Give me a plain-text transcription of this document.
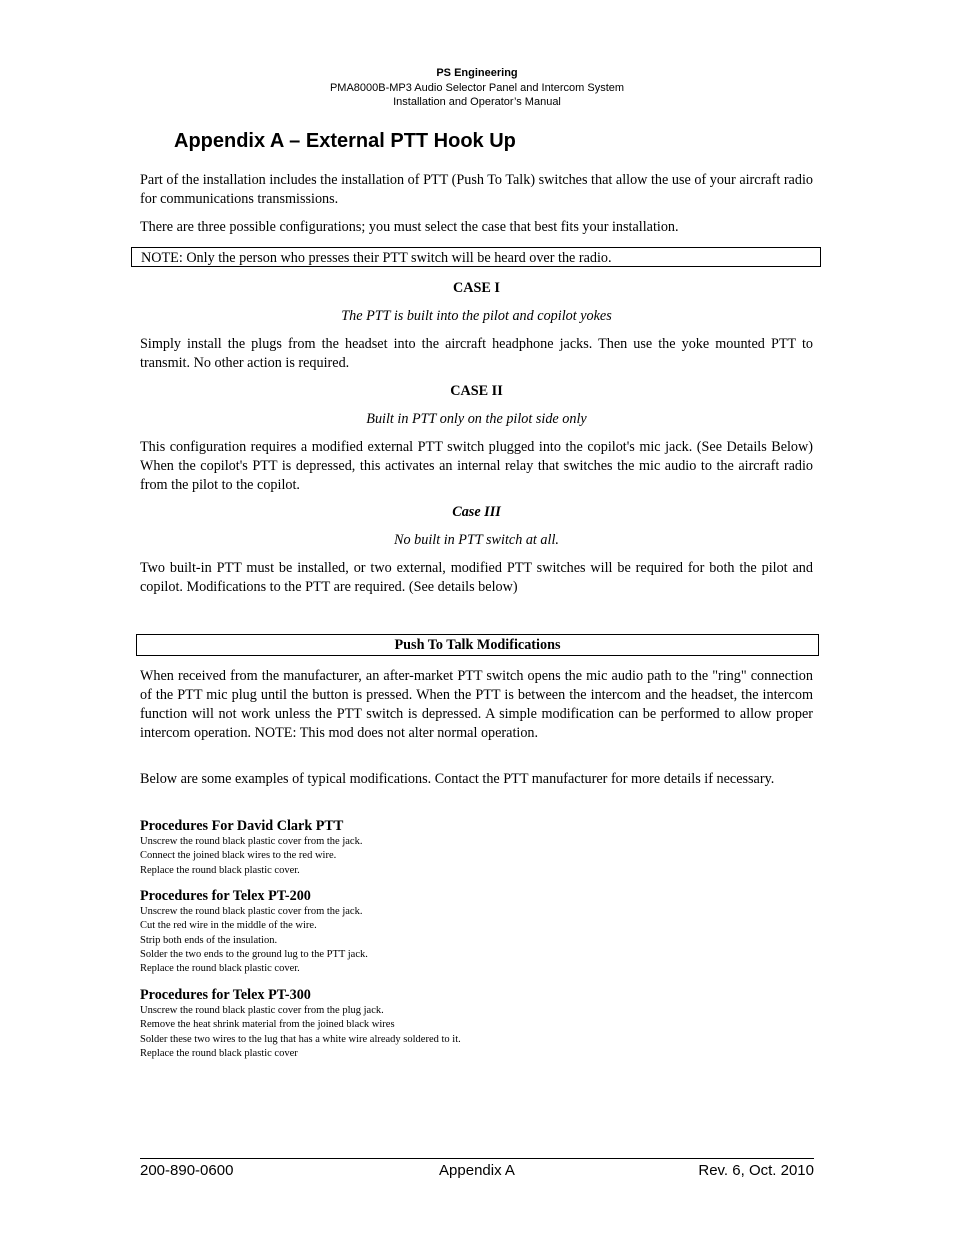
PS Engineering
PMA8000B-MP3 Audio Selector Panel and Intercom System
Installation and Operator’s Manual
Appendix A – External PTT Hook Up
Part of the installation includes the installation of PTT (Push To Talk) switches that allow the use of your aircraft radio for communications transmissions.
There are three possible configurations; you must select the case that best fits your installation.
NOTE: Only the person who presses their PTT switch will be heard over the radio.
CASE I
The PTT is built into the pilot and copilot yokes
Simply install the plugs from the headset into the aircraft headphone jacks. Then use the yoke mounted PTT to transmit. No other action is required.
CASE II
Built in PTT only on the pilot side only
This configuration requires a modified external PTT switch plugged into the copilot's mic jack. (See Details Below) When the copilot's PTT is depressed, this activates an internal relay that switches the mic audio to the aircraft radio from the pilot to the copilot.
Case III
No built in PTT switch at all.
Two built-in PTT must be installed, or two external, modified PTT switches will be required for both the pilot and copilot. Modifications to the PTT are required. (See details below)
Push To Talk Modifications
When received from the manufacturer, an after-market PTT switch opens the mic audio path to the "ring" connection of the PTT mic plug until the button is pressed. When the PTT is between the intercom and the headset, the intercom function will not work unless the PTT switch is depressed. A simple modification can be performed to allow proper intercom operation. NOTE: This mod does not alter normal operation.
Below are some examples of typical modifications. Contact the PTT manufacturer for more details if necessary.
Procedures For David Clark PTT
Unscrew the round black plastic cover from the jack.
Connect the joined black wires to the red wire.
Replace the round black plastic cover.
Procedures for Telex PT-200
Unscrew the round black plastic cover from the jack.
Cut the red wire in the middle of the wire.
Strip both ends of the insulation.
Solder the two ends to the ground lug to the PTT jack.
Replace the round black plastic cover.
Procedures for Telex PT-300
Unscrew the round black plastic cover from the plug jack.
Remove the heat shrink material from the joined black wires
Solder these two wires to the lug that has a white wire already soldered to it.
Replace the round black plastic cover
200-890-0600	Appendix A	Rev. 6, Oct. 2010
